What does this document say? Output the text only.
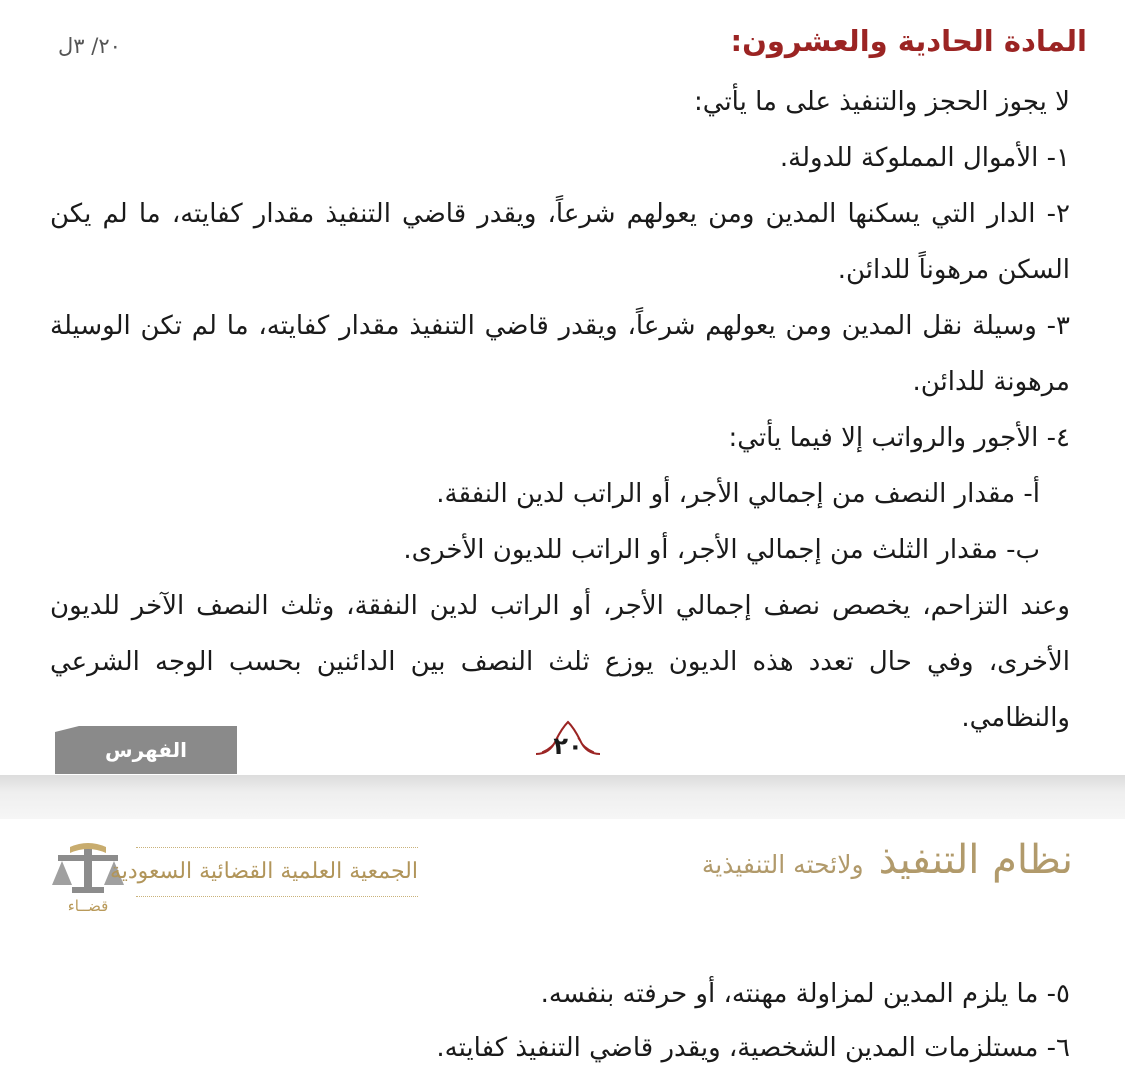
٢٠/ ٣ل	المادة الحادية والعشرون:

لا يجوز الحجز والتنفيذ على ما يأتي:

١- الأموال المملوكة للدولة.

٢- الدار التي يسكنها المدين ومن يعولهم شرعاً، ويقدر قاضي التنفيذ مقدار كفايته، ما لم يكن السكن مرهوناً للدائن.

٣- وسيلة نقل المدين ومن يعولهم شرعاً، ويقدر قاضي التنفيذ مقدار كفايته، ما لم تكن الوسيلة مرهونة للدائن.

٤- الأجور والرواتب إلا فيما يأتي:

أ- مقدار النصف من إجمالي الأجر، أو الراتب لدين النفقة.

ب- مقدار الثلث من إجمالي الأجر، أو الراتب للديون الأخرى.

وعند التزاحم، يخصص نصف إجمالي الأجر، أو الراتب لدين النفقة، وثلث النصف الآخر للديون الأخرى، وفي حال تعدد هذه الديون يوزع ثلث النصف بين الدائنين بحسب الوجه الشرعي والنظامي.

٢٠
الفهرس
قضــاء
الجمعية العلمية القضائية السعودية	نظام التنفيذ ولائحته التنفيذية

٥- ما يلزم المدين لمزاولة مهنته، أو حرفته بنفسه.

٦- مستلزمات المدين الشخصية، ويقدر قاضي التنفيذ كفايته.
